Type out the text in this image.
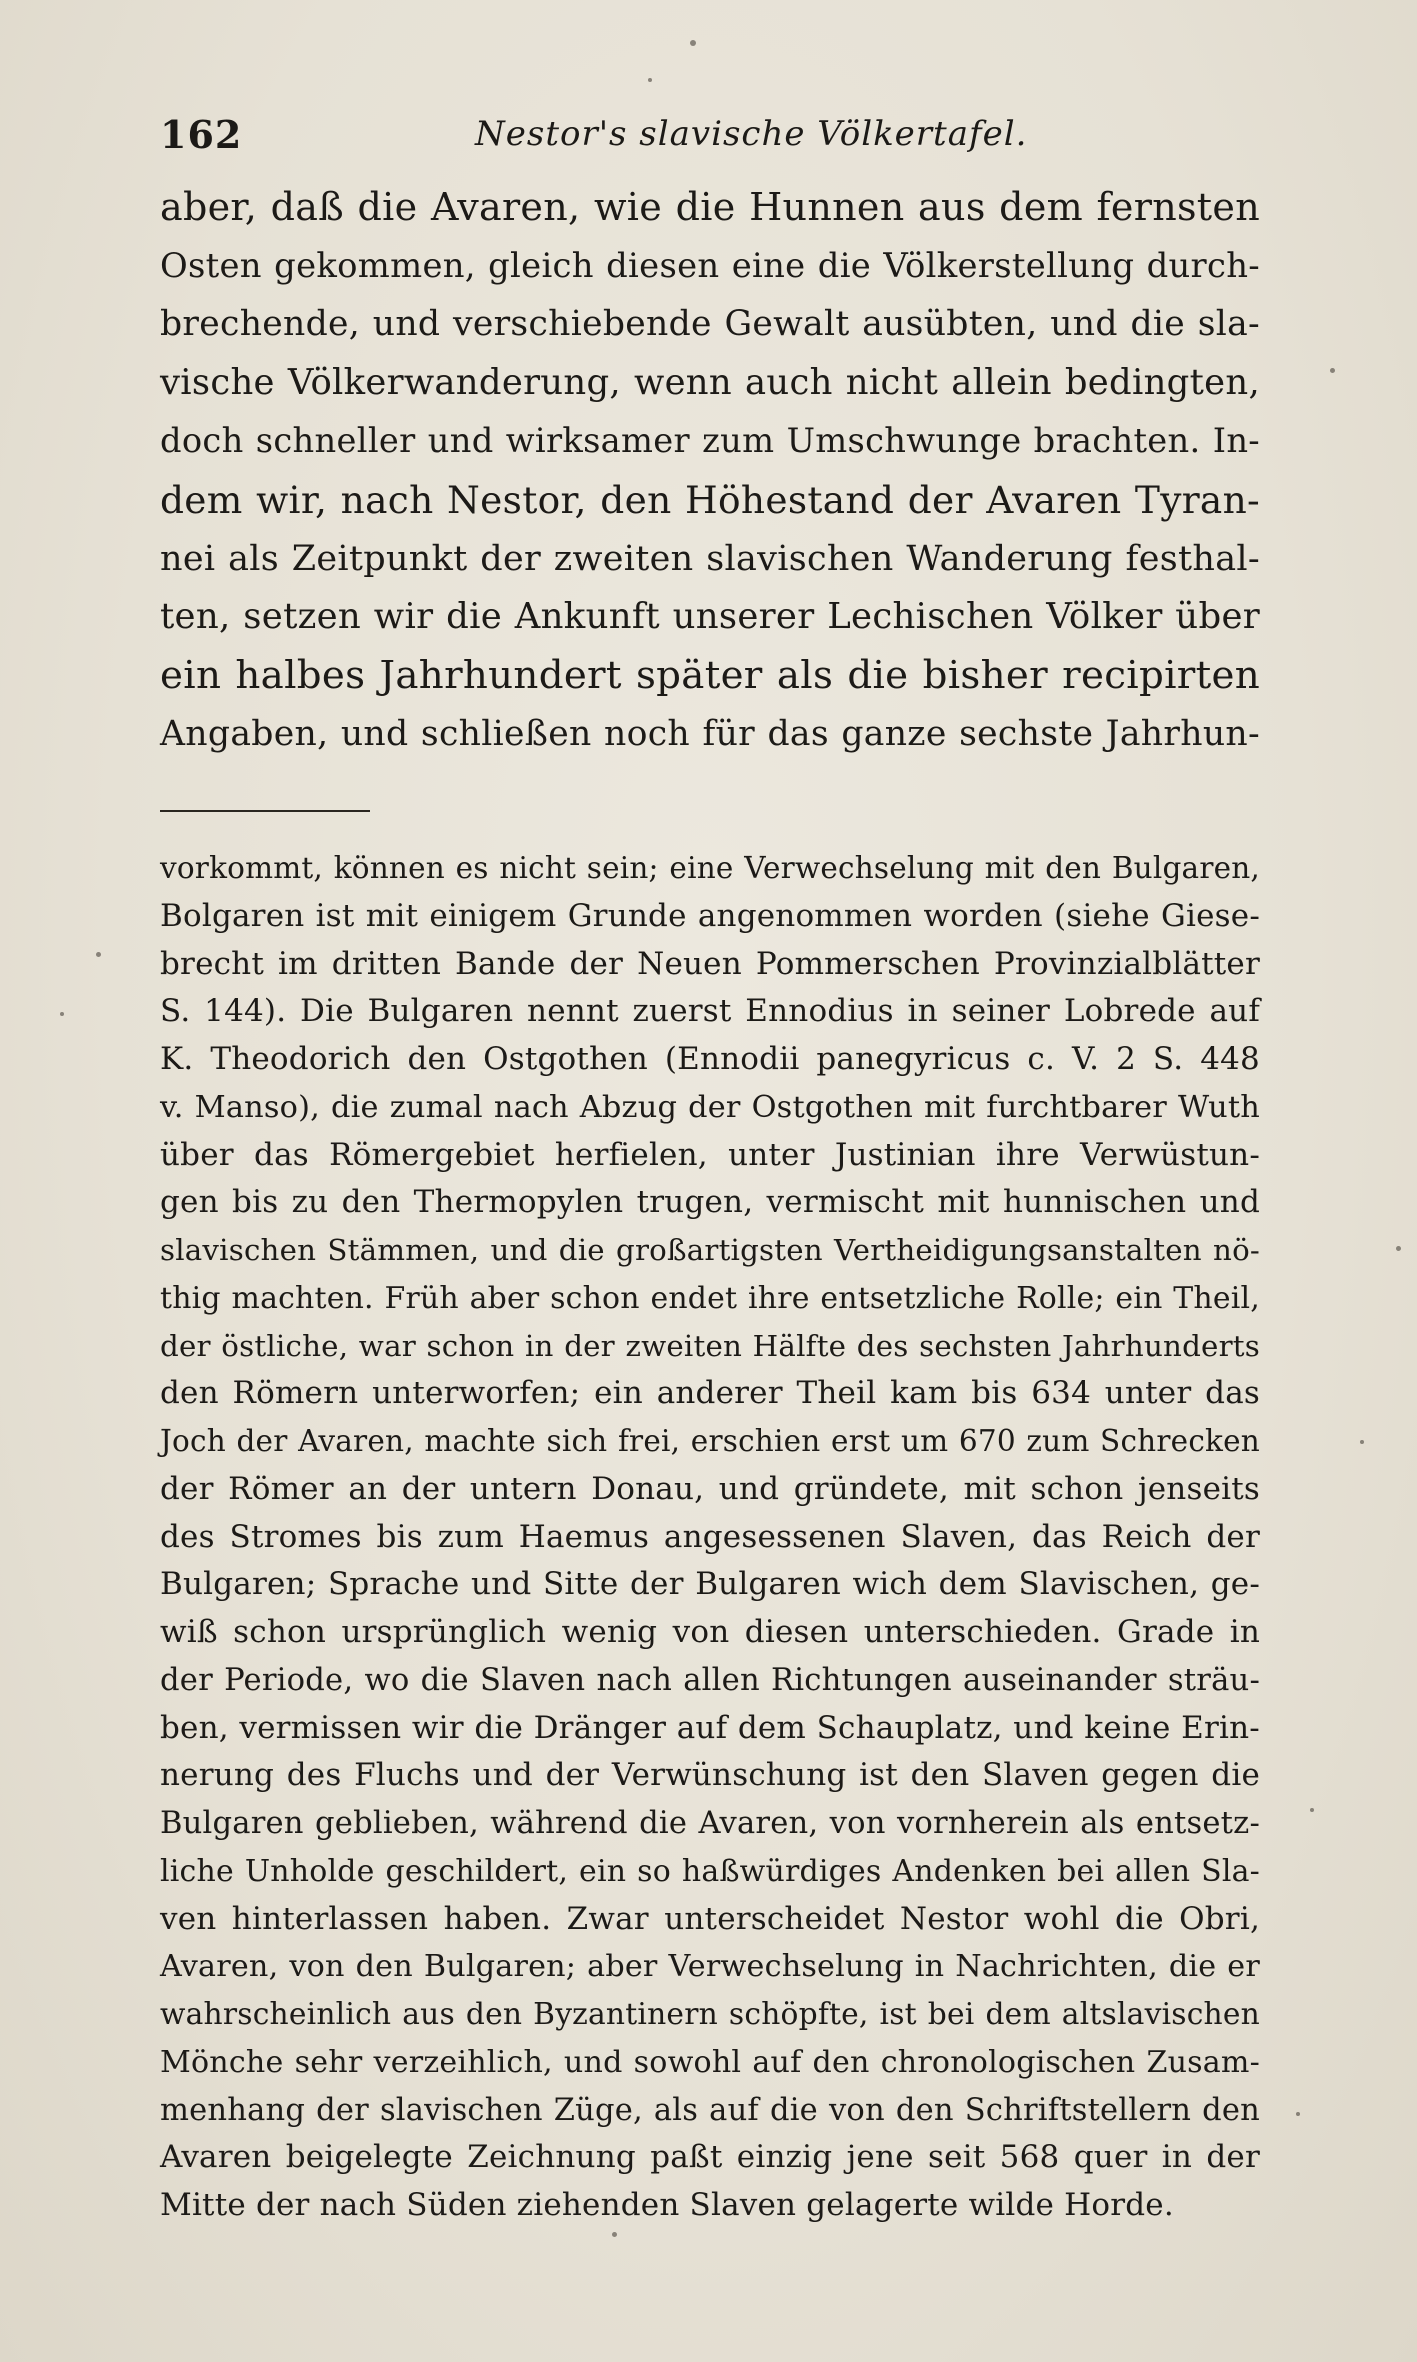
162	Nestor's slavische Völkertafel.
aber, daß die Avaren, wie die Hunnen aus dem fernsten
Osten gekommen, gleich diesen eine die Völkerstellung durch-
brechende, und verschiebende Gewalt ausübten, und die sla-
vische Völkerwanderung, wenn auch nicht allein bedingten,
doch schneller und wirksamer zum Umschwunge brachten. In-
dem wir, nach Nestor, den Höhestand der Avaren Tyran-
nei als Zeitpunkt der zweiten slavischen Wanderung festhal-
ten, setzen wir die Ankunft unserer Lechischen Völker über
ein halbes Jahrhundert später als die bisher recipirten
Angaben, und schließen noch für das ganze sechste Jahrhun-
vorkommt, können es nicht sein; eine Verwechselung mit den Bulgaren,
Bolgaren ist mit einigem Grunde angenommen worden (siehe Giese-
brecht im dritten Bande der Neuen Pommerschen Provinzialblätter
S. 144). Die Bulgaren nennt zuerst Ennodius in seiner Lobrede auf
K. Theodorich den Ostgothen (Ennodii panegyricus c. V. 2 S. 448
v. Manso), die zumal nach Abzug der Ostgothen mit furchtbarer Wuth
über das Römergebiet herfielen, unter Justinian ihre Verwüstun-
gen bis zu den Thermopylen trugen, vermischt mit hunnischen und
slavischen Stämmen, und die großartigsten Vertheidigungsanstalten nö-
thig machten. Früh aber schon endet ihre entsetzliche Rolle; ein Theil,
der östliche, war schon in der zweiten Hälfte des sechsten Jahrhunderts
den Römern unterworfen; ein anderer Theil kam bis 634 unter das
Joch der Avaren, machte sich frei, erschien erst um 670 zum Schrecken
der Römer an der untern Donau, und gründete, mit schon jenseits
des Stromes bis zum Haemus angesessenen Slaven, das Reich der
Bulgaren; Sprache und Sitte der Bulgaren wich dem Slavischen, ge-
wiß schon ursprünglich wenig von diesen unterschieden. Grade in
der Periode, wo die Slaven nach allen Richtungen auseinander sträu-
ben, vermissen wir die Dränger auf dem Schauplatz, und keine Erin-
nerung des Fluchs und der Verwünschung ist den Slaven gegen die
Bulgaren geblieben, während die Avaren, von vornherein als entsetz-
liche Unholde geschildert, ein so haßwürdiges Andenken bei allen Sla-
ven hinterlassen haben. Zwar unterscheidet Nestor wohl die Obri,
Avaren, von den Bulgaren; aber Verwechselung in Nachrichten, die er
wahrscheinlich aus den Byzantinern schöpfte, ist bei dem altslavischen
Mönche sehr verzeihlich, und sowohl auf den chronologischen Zusam-
menhang der slavischen Züge, als auf die von den Schriftstellern den
Avaren beigelegte Zeichnung paßt einzig jene seit 568 quer in der
Mitte der nach Süden ziehenden Slaven gelagerte wilde Horde.
